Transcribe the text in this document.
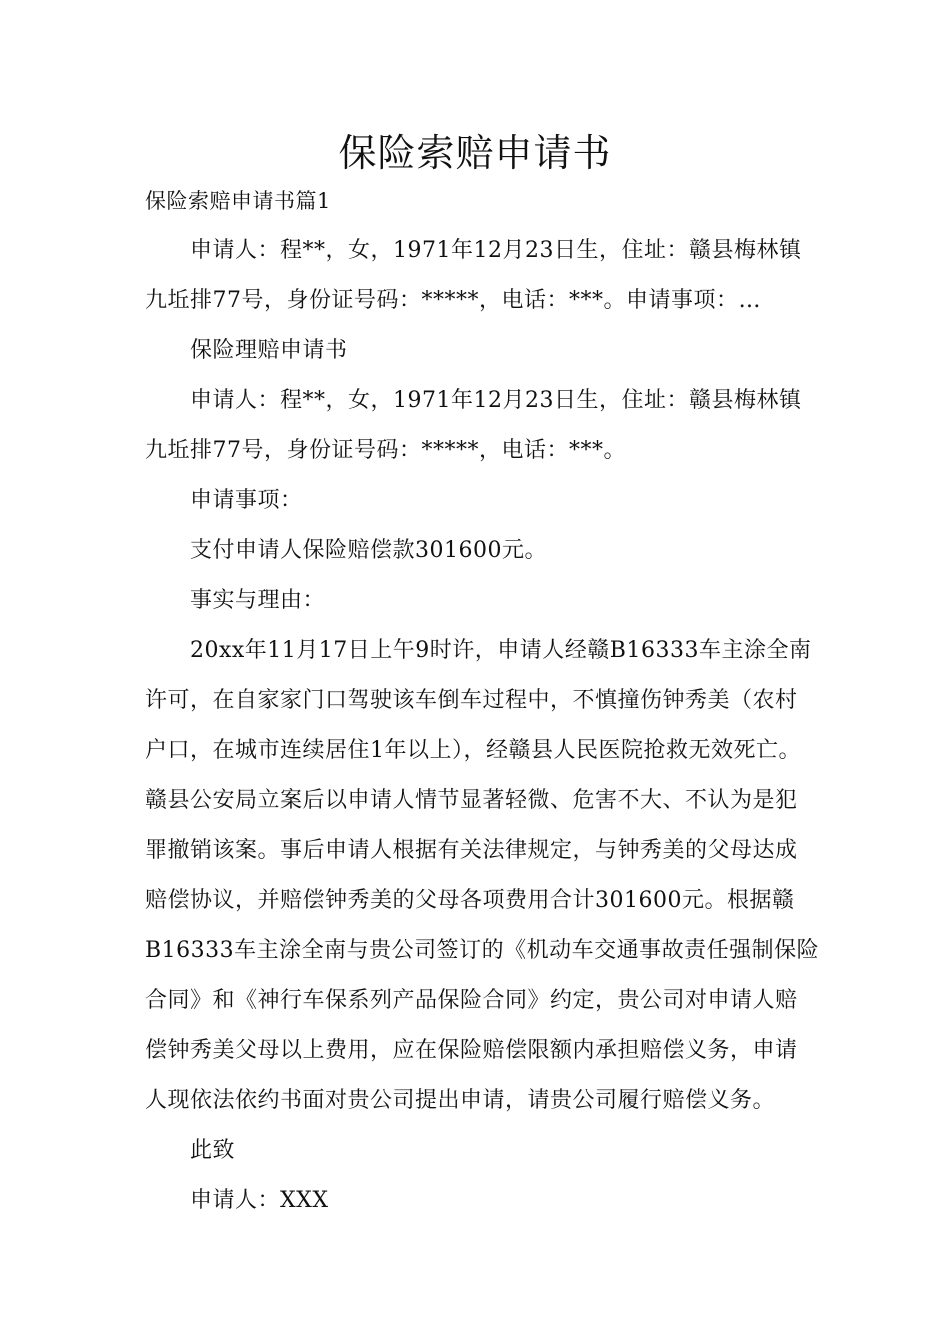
保险索赔申请书
保险索赔申请书篇1
申请人：程**，女，1971年12月23日生，住址：赣县梅林镇
九坵排77号，身份证号码：*****，电话：***。申请事项：…
保险理赔申请书
申请人：程**，女，1971年12月23日生，住址：赣县梅林镇
九坵排77号，身份证号码：*****，电话：***。
申请事项：
支付申请人保险赔偿款301600元。
事实与理由：
20xx年11月17日上午9时许，申请人经赣B16333车主涂全南
许可，在自家家门口驾驶该车倒车过程中，不慎撞伤钟秀美（农村
户口，在城市连续居住1年以上），经赣县人民医院抢救无效死亡。
赣县公安局立案后以申请人情节显著轻微、危害不大、不认为是犯
罪撤销该案。事后申请人根据有关法律规定，与钟秀美的父母达成
赔偿协议，并赔偿钟秀美的父母各项费用合计301600元。根据赣
B16333车主涂全南与贵公司签订的《机动车交通事故责任强制保险
合同》和《神行车保系列产品保险合同》约定，贵公司对申请人赔
偿钟秀美父母以上费用，应在保险赔偿限额内承担赔偿义务，申请
人现依法依约书面对贵公司提出申请，请贵公司履行赔偿义务。
此致
申请人：XXX
